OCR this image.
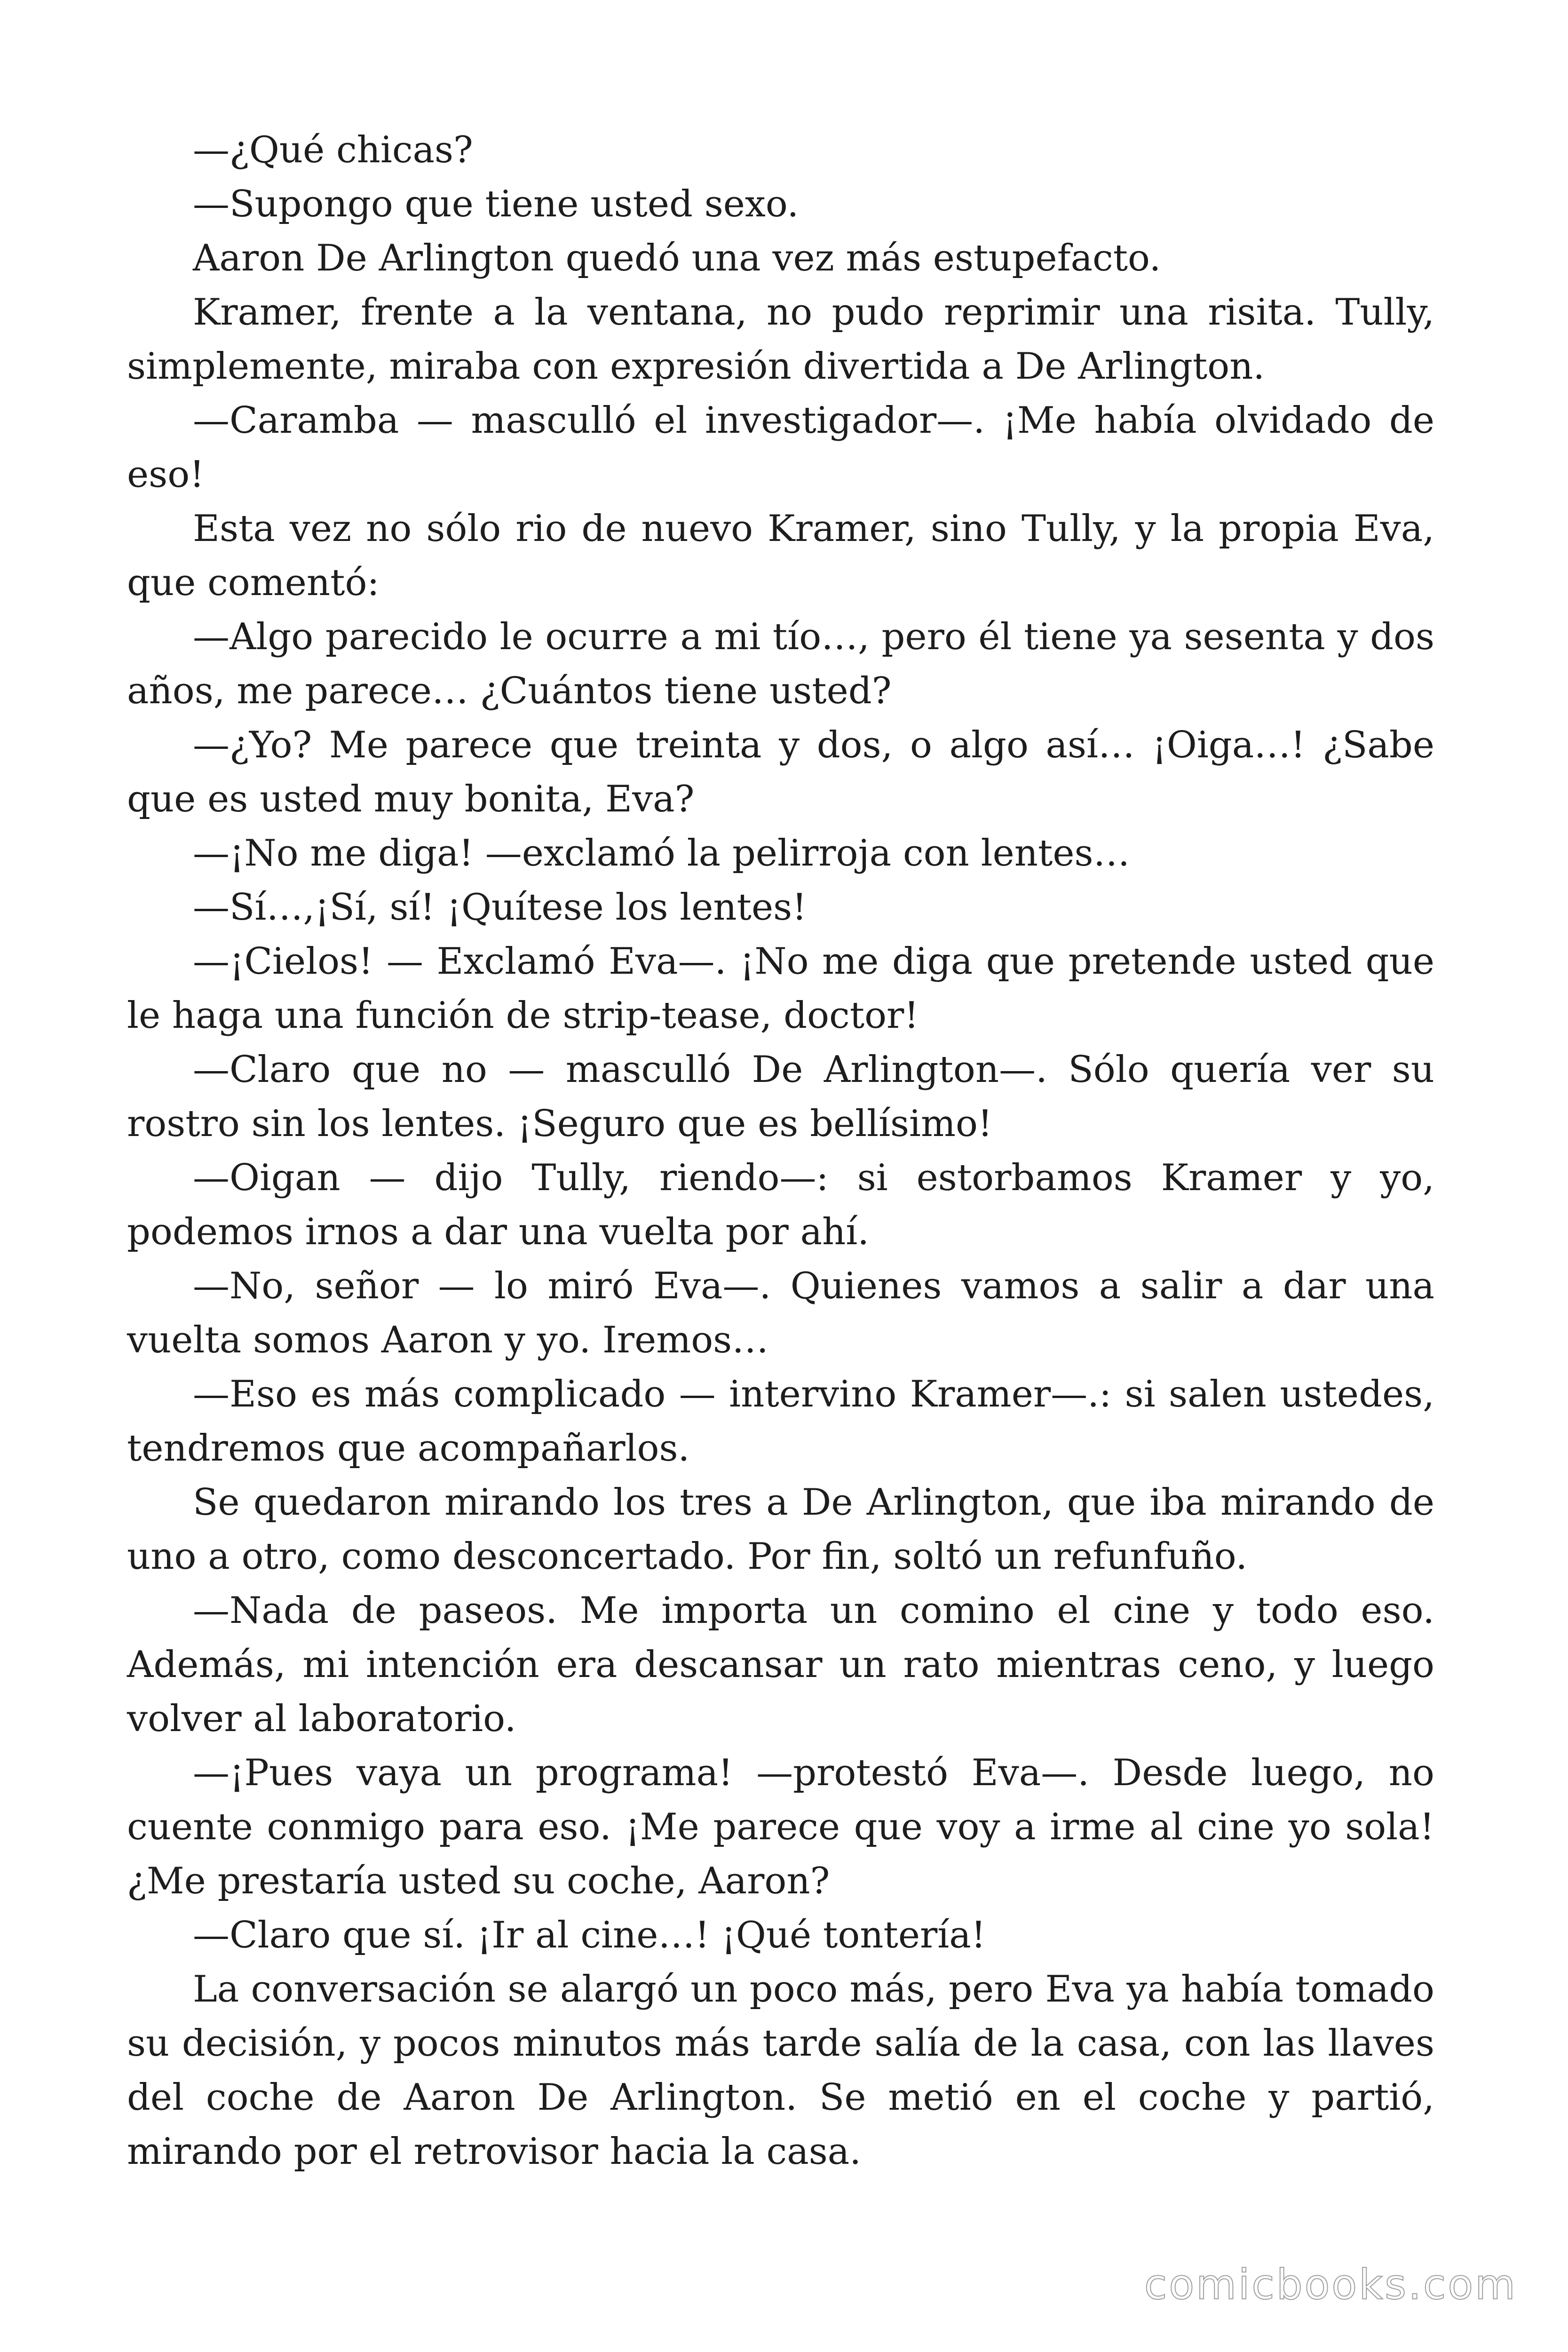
—¿Qué chicas?

—Supongo que tiene usted sexo.

Aaron De Arlington quedó una vez más estupefacto.

Kramer, frente a la ventana, no pudo reprimir una risita. Tully, simplemente, miraba con expresión divertida a De Arlington.

—Caramba — masculló el investigador—. ¡Me había olvidado de eso!

Esta vez no sólo rio de nuevo Kramer, sino Tully, y la propia Eva, que comentó:

—Algo parecido le ocurre a mi tío…, pero él tiene ya sesenta y dos años, me parece… ¿Cuántos tiene usted?

—¿Yo? Me parece que treinta y dos, o algo así… ¡Oiga…! ¿Sabe que es usted muy bonita, Eva?

—¡No me diga! —exclamó la pelirroja con lentes…

—Sí…,¡Sí, sí! ¡Quítese los lentes!

—¡Cielos! — Exclamó Eva—. ¡No me diga que pretende usted que le haga una función de strip-tease, doctor!

—Claro que no — masculló De Arlington—. Sólo quería ver su rostro sin los lentes. ¡Seguro que es bellísimo!

—Oigan — dijo Tully, riendo—: si estorbamos Kramer y yo, podemos irnos a dar una vuelta por ahí.

—No, señor — lo miró Eva—. Quienes vamos a salir a dar una vuelta somos Aaron y yo. Iremos…

—Eso es más complicado — intervino Kramer—.: si salen ustedes, tendremos que acompañarlos.

Se quedaron mirando los tres a De Arlington, que iba mirando de uno a otro, como desconcertado. Por fin, soltó un refunfuño.

—Nada de paseos. Me importa un comino el cine y todo eso. Además, mi intención era descansar un rato mientras ceno, y luego volver al laboratorio.

—¡Pues vaya un programa! —protestó Eva—. Desde luego, no cuente conmigo para eso. ¡Me parece que voy a irme al cine yo sola! ¿Me prestaría usted su coche, Aaron?

—Claro que sí. ¡Ir al cine…! ¡Qué tontería!

La conversación se alargó un poco más, pero Eva ya había tomado su decisión, y pocos minutos más tarde salía de la casa, con las llaves del coche de Aaron De Arlington. Se metió en el coche y partió, mirando por el retrovisor hacia la casa.

comicbooks.com
